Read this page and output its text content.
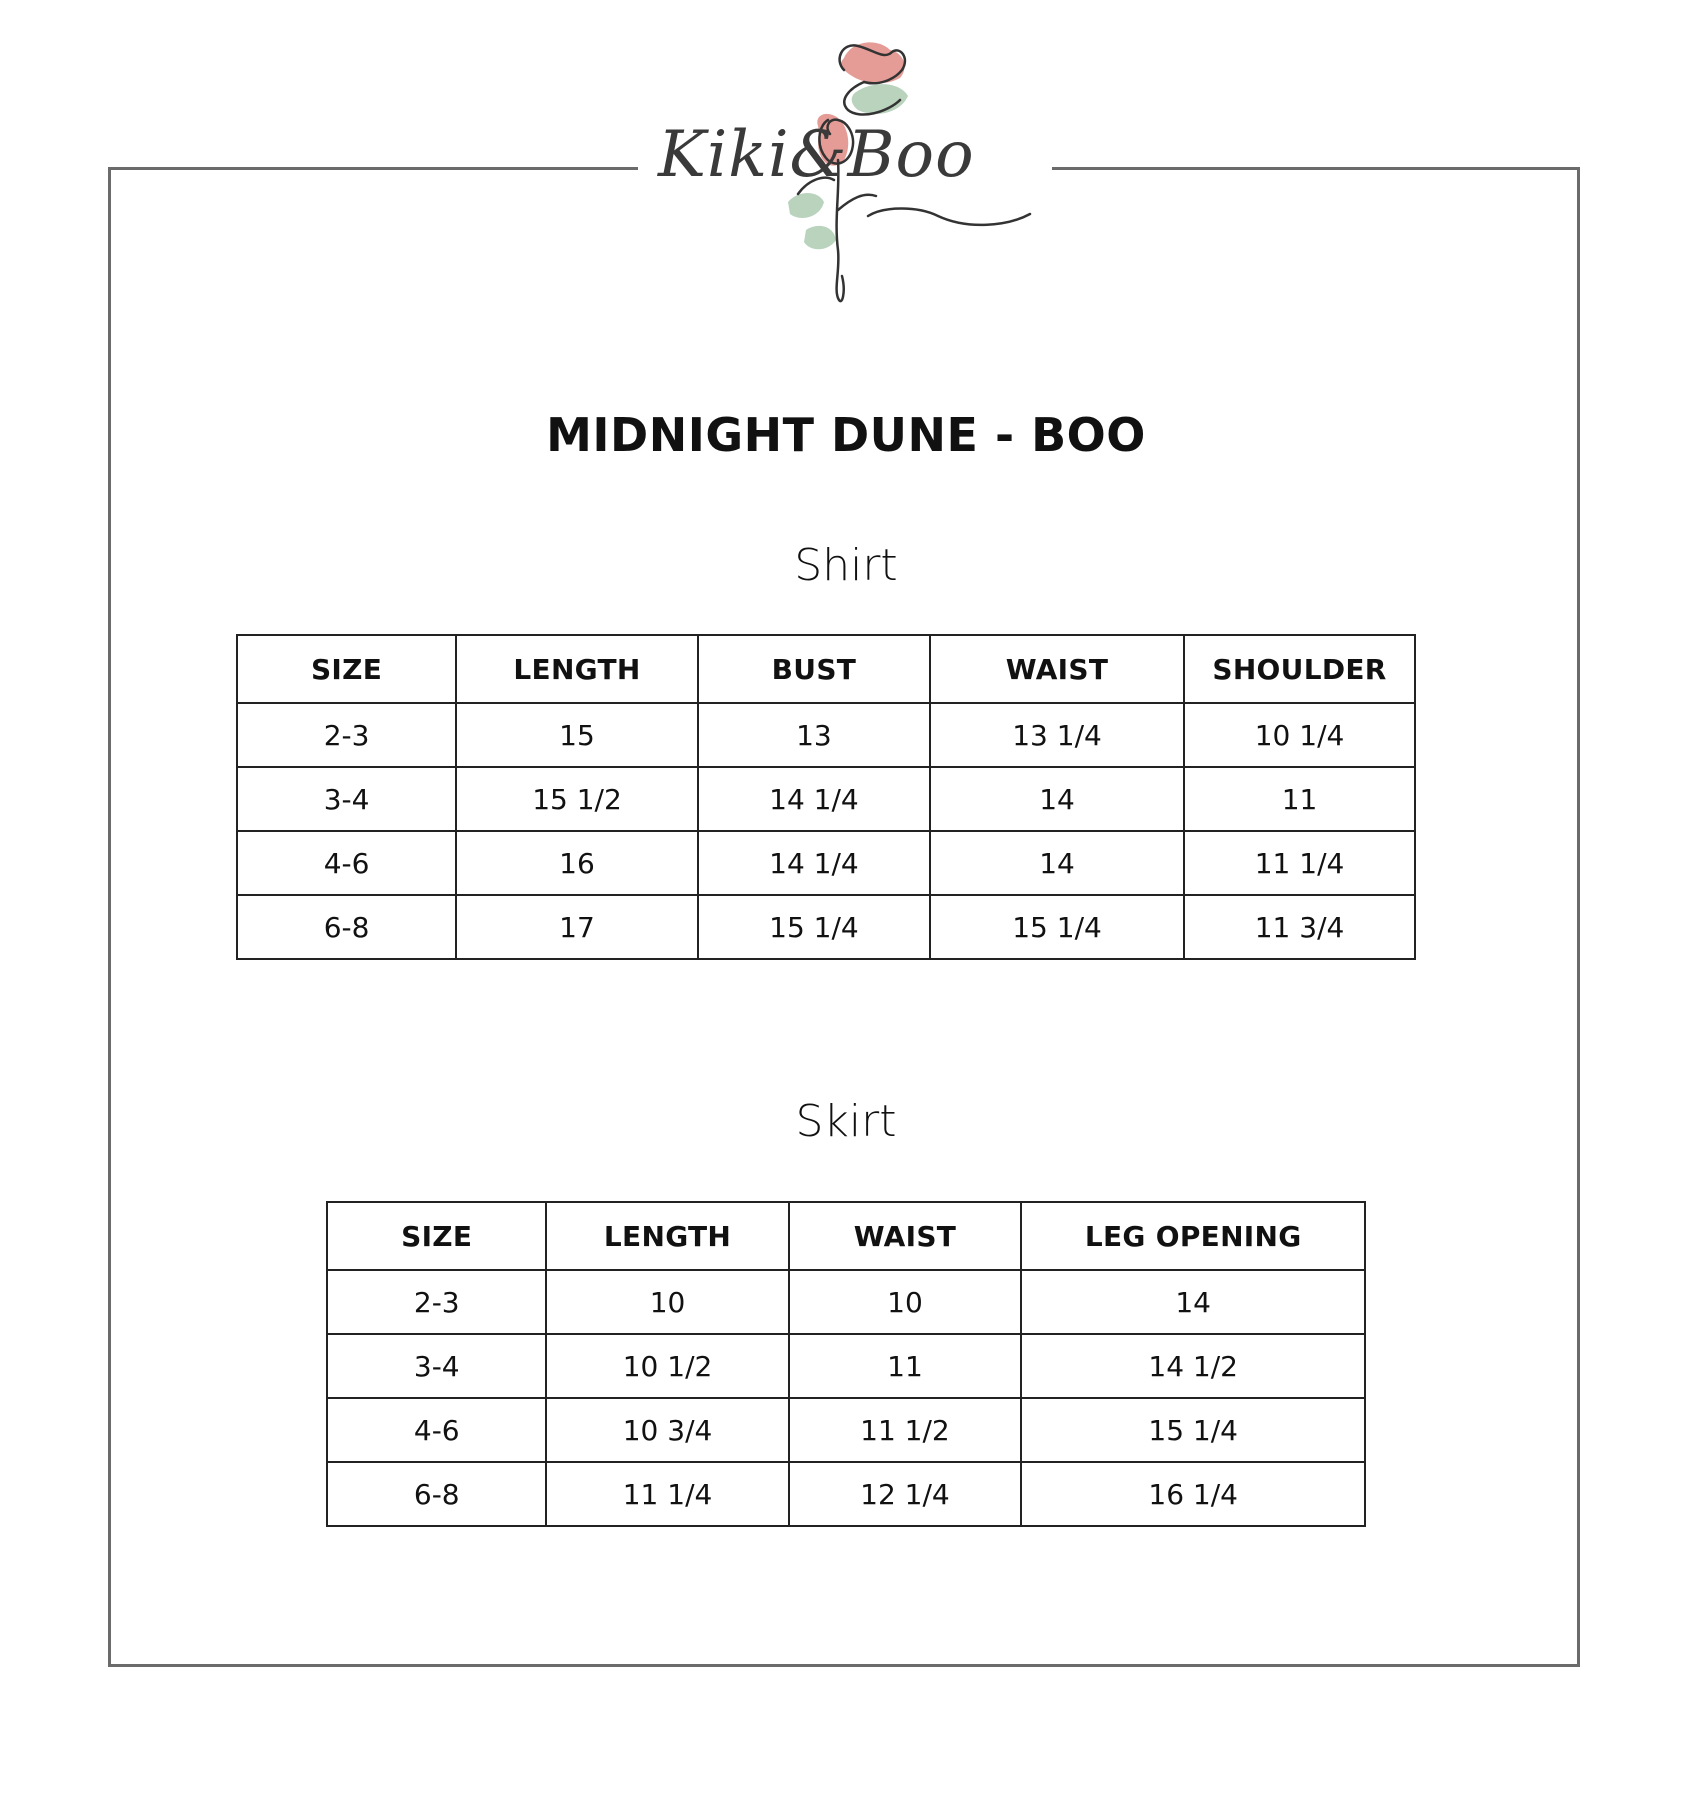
Kiki&Boo
MIDNIGHT DUNE - BOO
Shirt
SIZE	LENGTH	BUST	WAIST	SHOULDER
2-3	15	13	13 1/4	10 1/4
3-4	15 1/2	14 1/4	14	11
4-6	16	14 1/4	14	11 1/4
6-8	17	15 1/4	15 1/4	11 3/4
Skirt
SIZE	LENGTH	WAIST	LEG OPENING
2-3	10	10	14
3-4	10 1/2	11	14 1/2
4-6	10 3/4	11 1/2	15 1/4
6-8	11 1/4	12 1/4	16 1/4
